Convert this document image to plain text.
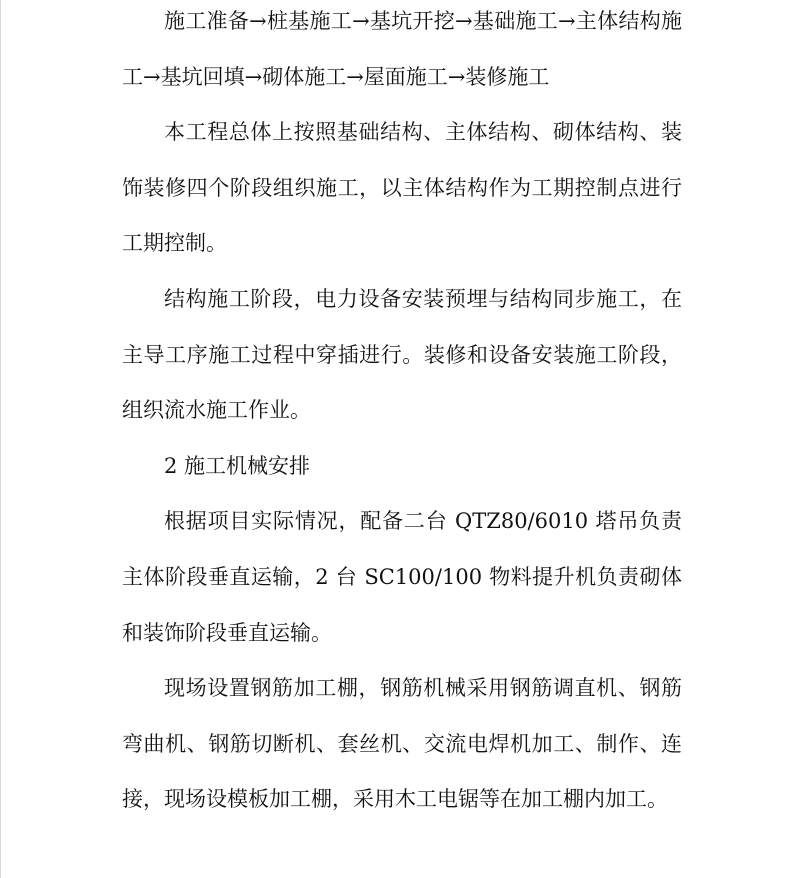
施工准备→桩基施工→基坑开挖→基础施工→主体结构施工→基坑回填→砌体施工→屋面施工→装修施工

本工程总体上按照基础结构、主体结构、砌体结构、装饰装修四个阶段组织施工，以主体结构作为工期控制点进行工期控制。

结构施工阶段，电力设备安装预埋与结构同步施工，在主导工序施工过程中穿插进行。装修和设备安装施工阶段，组织流水施工作业。

2 施工机械安排

根据项目实际情况，配备二台 QTZ80/6010 塔吊负责主体阶段垂直运输，2 台 SC100/100 物料提升机负责砌体和装饰阶段垂直运输。

现场设置钢筋加工棚，钢筋机械采用钢筋调直机、钢筋弯曲机、钢筋切断机、套丝机、交流电焊机加工、制作、连接，现场设模板加工棚，采用木工电锯等在加工棚内加工。
